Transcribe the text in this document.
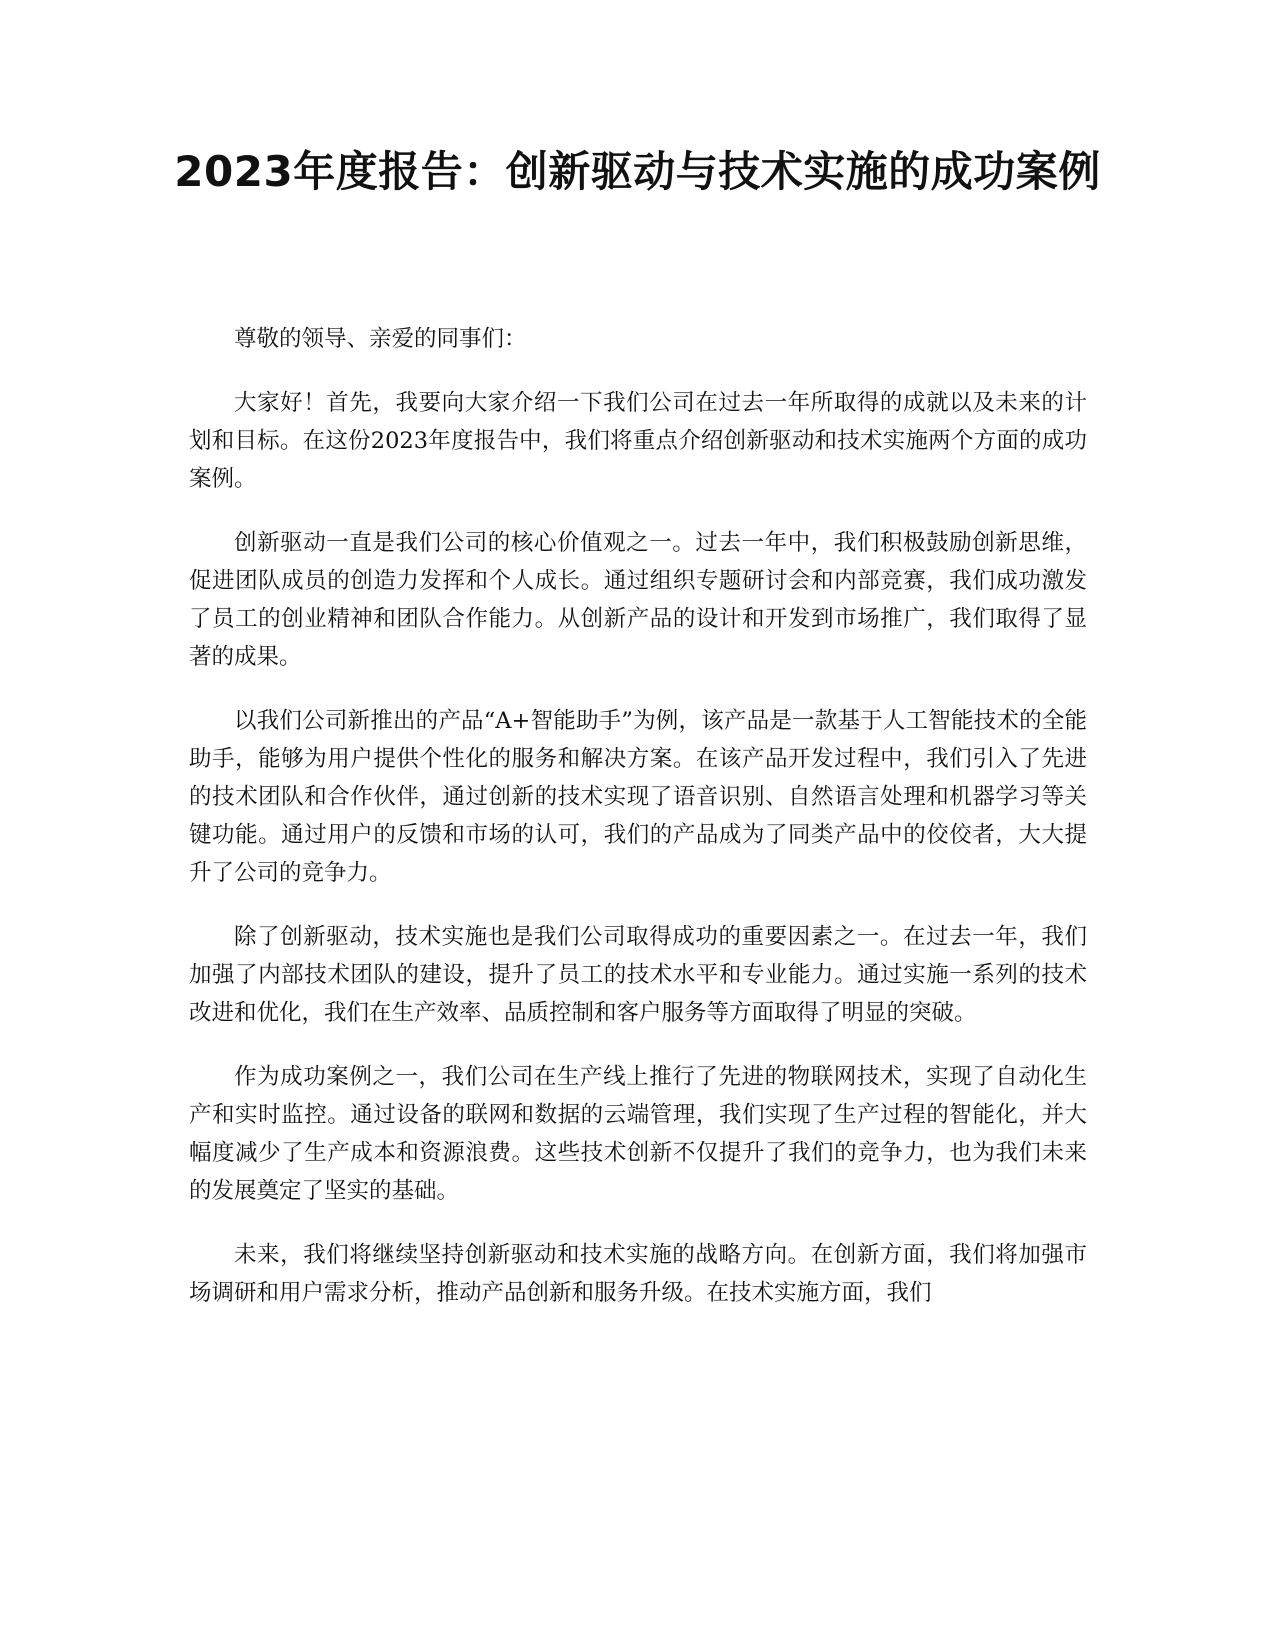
2023年度报告：创新驱动与技术实施的成功案例

尊敬的领导、亲爱的同事们：

大家好！首先，我要向大家介绍一下我们公司在过去一年所取得的成就以及未来的计划和目标。在这份2023年度报告中，我们将重点介绍创新驱动和技术实施两个方面的成功案例。

创新驱动一直是我们公司的核心价值观之一。过去一年中，我们积极鼓励创新思维，促进团队成员的创造力发挥和个人成长。通过组织专题研讨会和内部竞赛，我们成功激发了员工的创业精神和团队合作能力。从创新产品的设计和开发到市场推广，我们取得了显著的成果。

以我们公司新推出的产品“A+智能助手”为例，该产品是一款基于人工智能技术的全能助手，能够为用户提供个性化的服务和解决方案。在该产品开发过程中，我们引入了先进的技术团队和合作伙伴，通过创新的技术实现了语音识别、自然语言处理和机器学习等关键功能。通过用户的反馈和市场的认可，我们的产品成为了同类产品中的佼佼者，大大提升了公司的竞争力。

除了创新驱动，技术实施也是我们公司取得成功的重要因素之一。在过去一年，我们加强了内部技术团队的建设，提升了员工的技术水平和专业能力。通过实施一系列的技术改进和优化，我们在生产效率、品质控制和客户服务等方面取得了明显的突破。

作为成功案例之一，我们公司在生产线上推行了先进的物联网技术，实现了自动化生产和实时监控。通过设备的联网和数据的云端管理，我们实现了生产过程的智能化，并大幅度减少了生产成本和资源浪费。这些技术创新不仅提升了我们的竞争力，也为我们未来的发展奠定了坚实的基础。

未来，我们将继续坚持创新驱动和技术实施的战略方向。在创新方面，我们将加强市场调研和用户需求分析，推动产品创新和服务升级。在技术实施方面，我们
